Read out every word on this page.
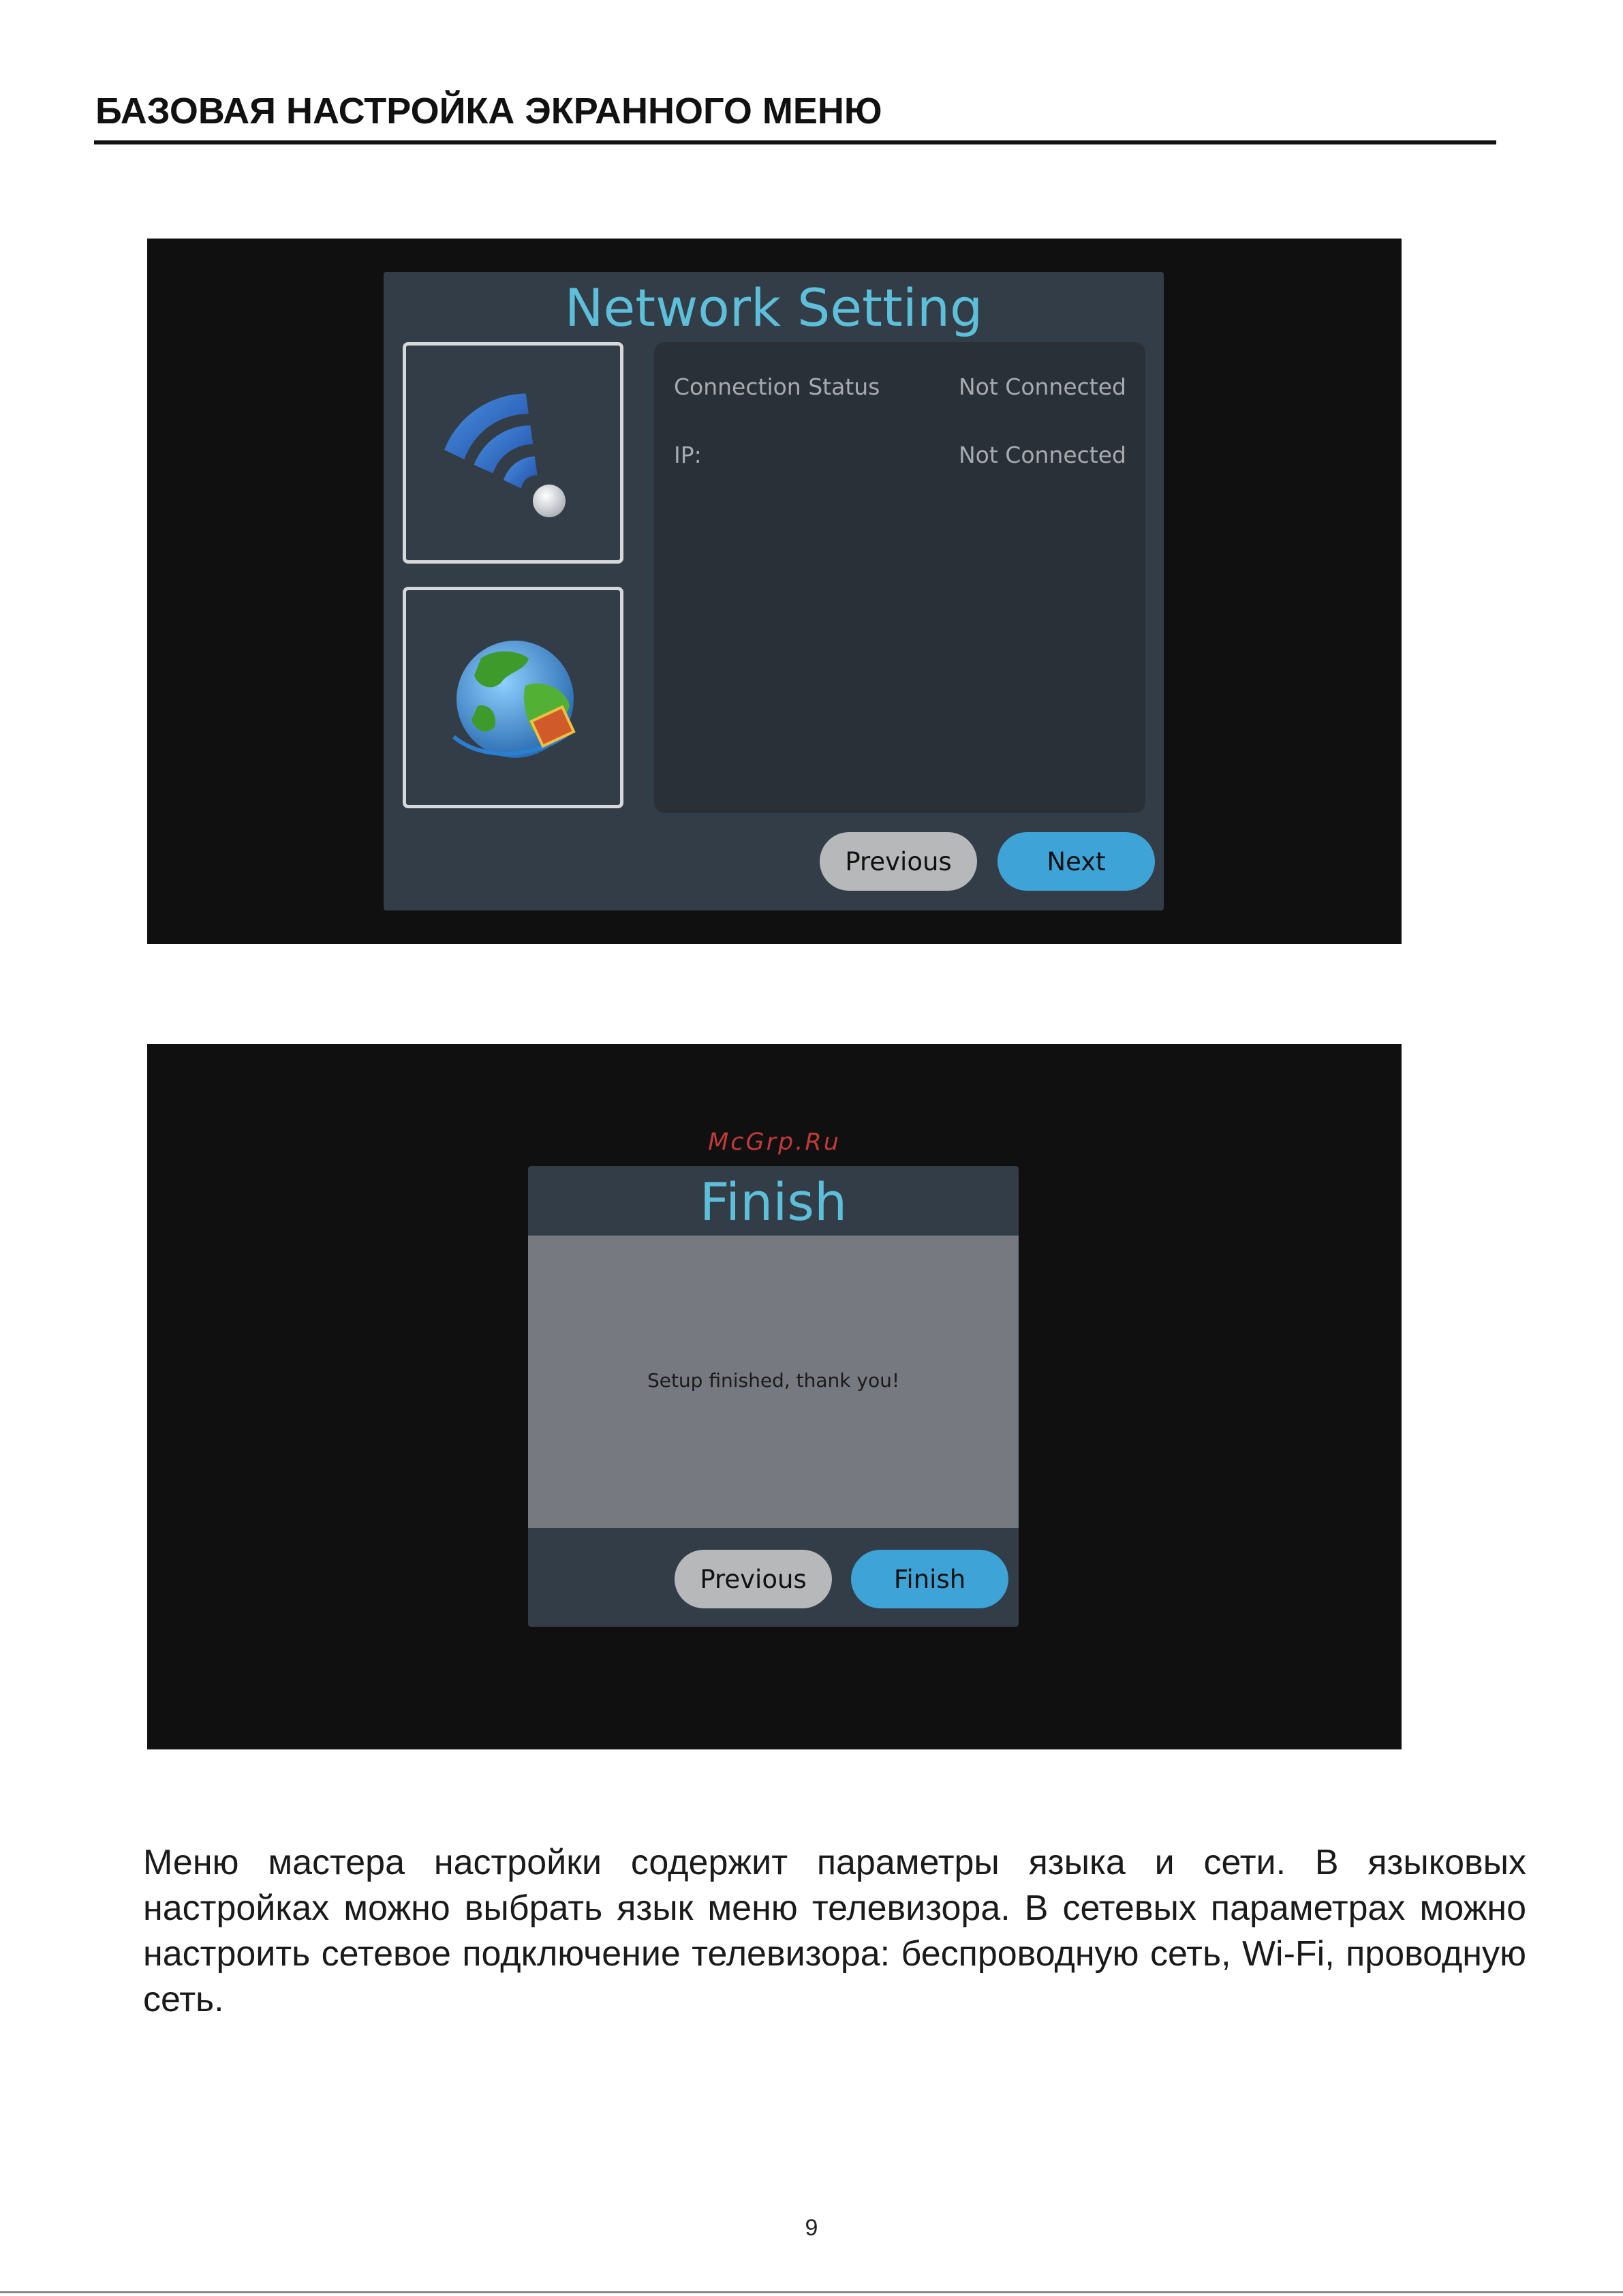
БАЗОВАЯ НАСТРОЙКА ЭКРАННОГО МЕНЮ
Network Setting
Connection Status	Not Connected
IP:	Not Connected
Previous	Next
McGrp.Ru
Finish
Setup finished, thank you!
Previous	Finish
Меню мастера настройки содержит параметры языка и сети. В языковых настройках можно выбрать язык меню телевизора. В сетевых параметрах можно настроить сетевое подключение телевизора: беспроводную сеть, Wi-Fi, проводную сеть.
9
